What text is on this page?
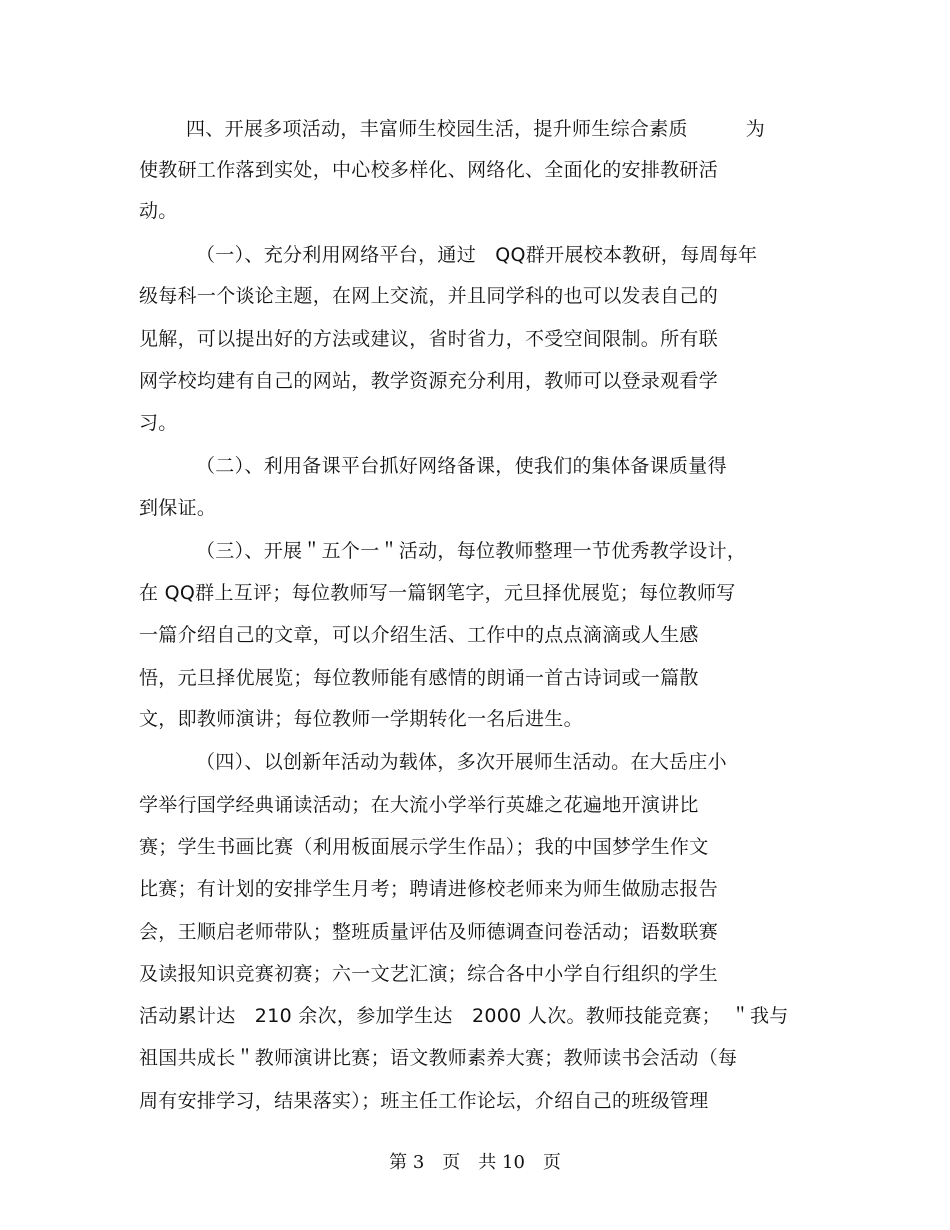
四、开展多项活动，丰富师生校园生活，提升师生综合素质　　　为
使教研工作落到实处，中心校多样化、网络化、全面化的安排教研活
动。
（一）、充分利用网络平台，通过　QQ群开展校本教研，每周每年
级每科一个谈论主题，在网上交流，并且同学科的也可以发表自己的
见解，可以提出好的方法或建议，省时省力，不受空间限制。所有联
网学校均建有自己的网站，教学资源充分利用，教师可以登录观看学
习。
（二）、利用备课平台抓好网络备课，使我们的集体备课质量得
到保证。
（三）、开展＂五个一＂活动，每位教师整理一节优秀教学设计，
在 QQ群上互评；每位教师写一篇钢笔字，元旦择优展览；每位教师写
一篇介绍自己的文章，可以介绍生活、工作中的点点滴滴或人生感
悟，元旦择优展览；每位教师能有感情的朗诵一首古诗词或一篇散
文，即教师演讲；每位教师一学期转化一名后进生。
（四）、以创新年活动为载体，多次开展师生活动。在大岳庄小
学举行国学经典诵读活动；在大流小学举行英雄之花遍地开演讲比
赛；学生书画比赛（利用板面展示学生作品）；我的中国梦学生作文
比赛；有计划的安排学生月考；聘请进修校老师来为师生做励志报告
会，王顺启老师带队；整班质量评估及师德调查问卷活动；语数联赛
及读报知识竞赛初赛；六一文艺汇演；综合各中小学自行组织的学生
活动累计达　210 余次，参加学生达　2000 人次。教师技能竞赛；　＂我与
祖国共成长＂教师演讲比赛；语文教师素养大赛；教师读书会活动（每
周有安排学习，结果落实）；班主任工作论坛，介绍自己的班级管理
第 3　页　共 10　页
